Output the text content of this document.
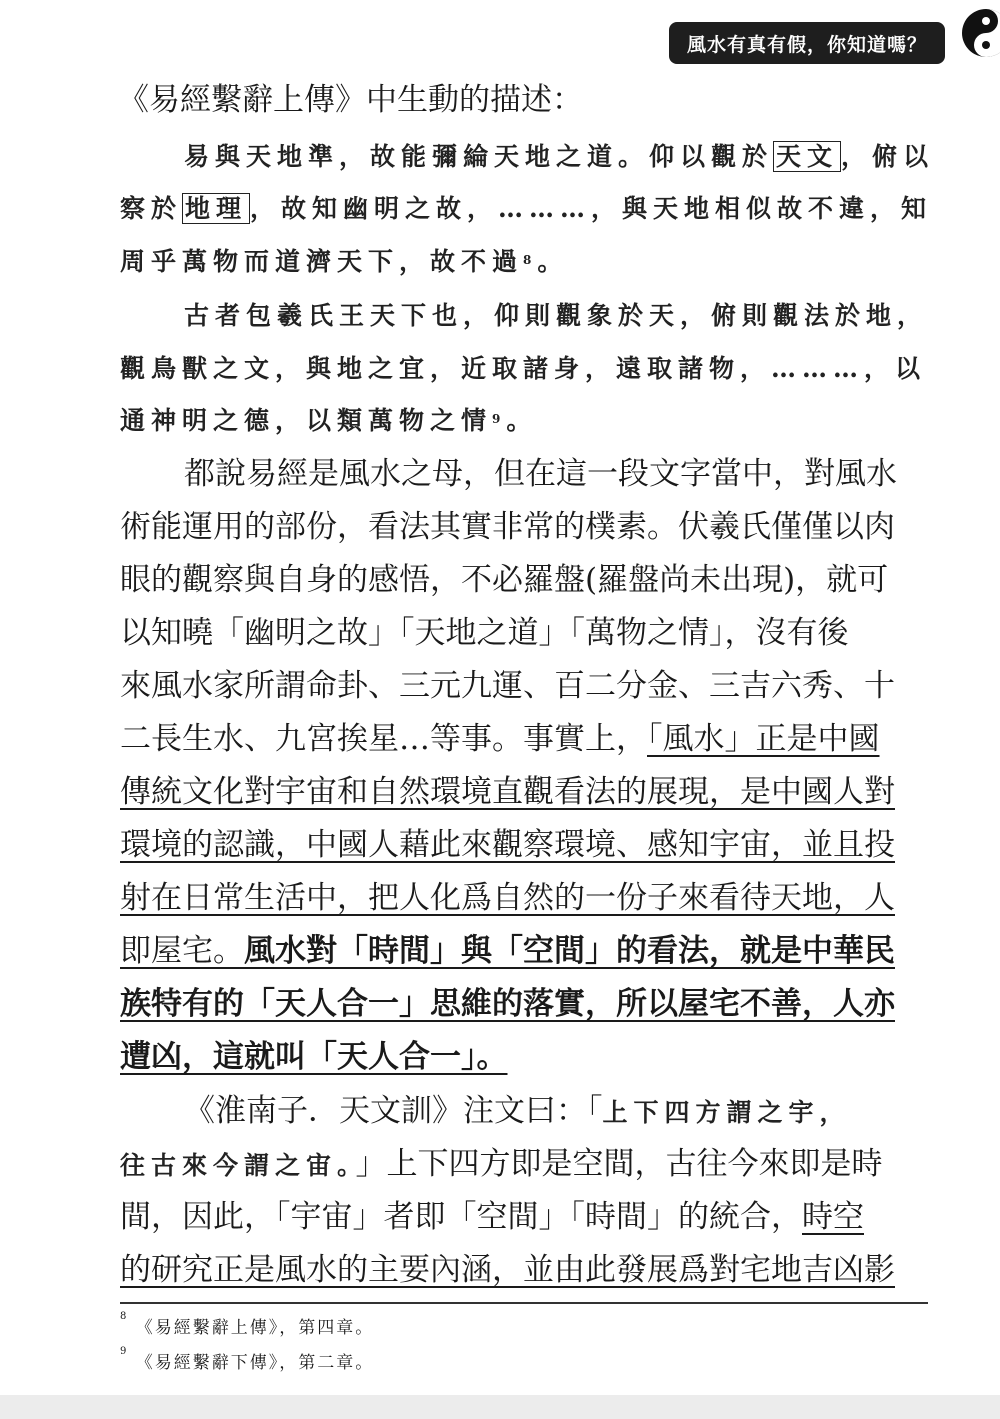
風水有真有假，你知道嗎？
《易經繫辭上傳》中生動的描述：
易與天地準，故能彌綸天地之道。仰以觀於 天文 ，俯以
察於 地理 ，故知幽明之故，………，與天地相似故不違，知
周乎萬物而道濟天下，故不過$^8$。
古者包羲氏王天下也，仰則觀象於天，俯則觀法於地，
觀鳥獸之文，與地之宜，近取諸身，遠取諸物，………，以
通神明之德，以類萬物之情$^9$。
都說易經是風水之母，但在這一段文字當中，對風水
術能運用的部份，看法其實非常的樸素。伏羲氏僅僅以肉
眼的觀察與自身的感悟，不必羅盤(羅盤尚未出現)，就可
以知曉「幽明之故」「天地之道」「萬物之情」，沒有後
來風水家所謂命卦、三元九運、百二分金、三吉六秀、十
二長生水、九宮挨星…等事。事實上，「風水」正是中國
傳統文化對宇宙和自然環境直觀看法的展現，是中國人對
環境的認識，中國人藉此來觀察環境、感知宇宙，並且投
射在日常生活中，把人化爲自然的一份子來看待天地，人
即屋宅。風水對「時間」與「空間」的看法，就是中華民
族特有的「天人合一」思維的落實，所以屋宅不善，人亦
遭凶，這就叫「天人合一」。
《淮南子．天文訓》注文曰：「上下四方謂之宇，
往古來今謂之宙。」上下四方即是空間，古往今來即是時
間，因此，「宇宙」者即「空間」「時間」的統合，時空
的研究正是風水的主要內涵，並由此發展爲對宅地吉凶影
$^8$ 《易經繫辭上傳》，第四章。
$^9$ 《易經繫辭下傳》，第二章。
